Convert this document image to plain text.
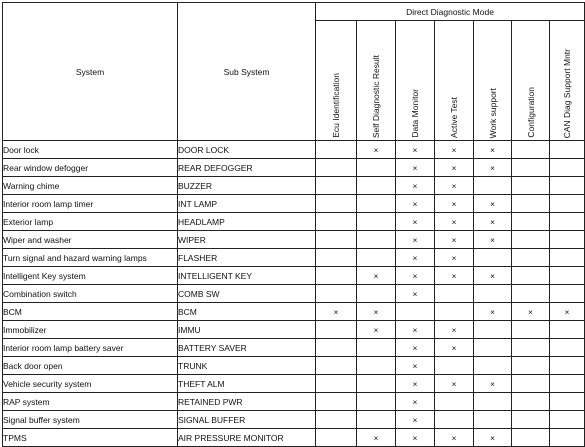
System	Sub System	Direct Diagnostic Mode						
		Ecu Identification	Self Diagnostic Result	Data Monitor	Active Test	Work support	Configuration	CAN Diag Support Mntr
Door lock	DOOR LOCK		×	×	×	×		
Rear window defogger	REAR DEFOGGER			×	×	×		
Warning chime	BUZZER			×	×			
Interior room lamp timer	INT LAMP			×	×	×		
Exterior lamp	HEADLAMP			×	×	×		
Wiper and washer	WIPER			×	×	×		
Turn signal and hazard warning lamps	FLASHER			×	×			
Intelligent Key system	INTELLIGENT KEY		×	×	×	×		
Combination switch	COMB SW			×				
BCM	BCM	×	×			×	×	×
Immobilizer	IMMU		×	×	×			
Interior room lamp battery saver	BATTERY SAVER			×	×			
Back door open	TRUNK			×				
Vehicle security system	THEFT ALM			×	×	×		
RAP system	RETAINED PWR			×				
Signal buffer system	SIGNAL BUFFER			×				
TPMS	AIR PRESSURE MONITOR		×	×	×	×		
